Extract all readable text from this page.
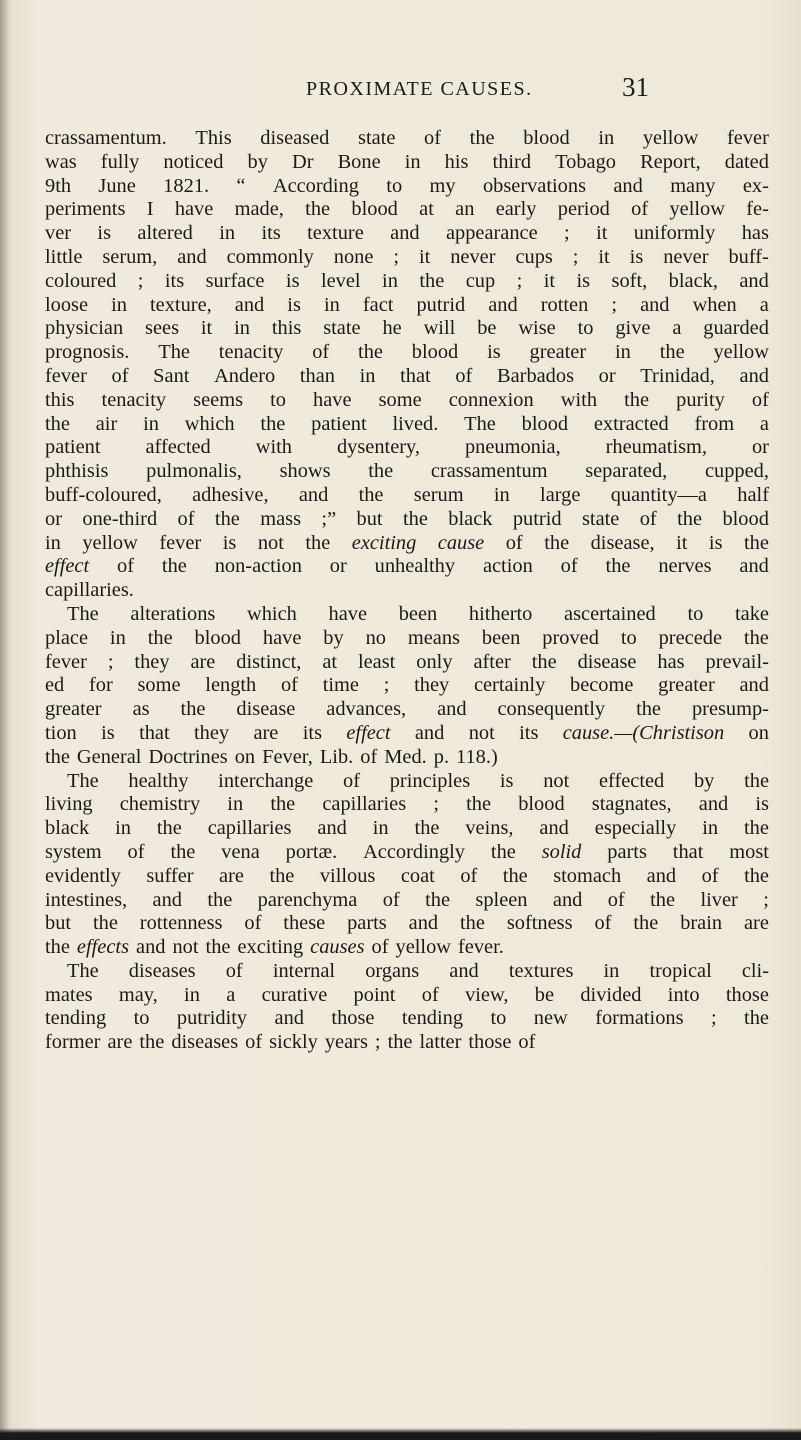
PROXIMATE CAUSES.	31
crassamentum. This diseased state of the blood in yellow fever
was fully noticed by Dr Bone in his third Tobago Report, dated
9th June 1821. “ According to my observations and many ex-
periments I have made, the blood at an early period of yellow fe-
ver is altered in its texture and appearance ; it uniformly has
little serum, and commonly none ; it never cups ; it is never buff-
coloured ; its surface is level in the cup ; it is soft, black, and
loose in texture, and is in fact putrid and rotten ; and when a
physician sees it in this state he will be wise to give a guarded
prognosis. The tenacity of the blood is greater in the yellow
fever of Sant Andero than in that of Barbados or Trinidad, and
this tenacity seems to have some connexion with the purity of
the air in which the patient lived. The blood extracted from a
patient affected with dysentery, pneumonia, rheumatism, or
phthisis pulmonalis, shows the crassamentum separated, cupped,
buff-coloured, adhesive, and the serum in large quantity—a half
or one-third of the mass ;” but the black putrid state of the blood
in yellow fever is not the exciting cause of the disease, it is the
effect of the non-action or unhealthy action of the nerves and
capillaries.
The alterations which have been hitherto ascertained to take
place in the blood have by no means been proved to precede the
fever ; they are distinct, at least only after the disease has prevail-
ed for some length of time ; they certainly become greater and
greater as the disease advances, and consequently the presump-
tion is that they are its effect and not its cause.—(Christison on
the General Doctrines on Fever, Lib. of Med. p. 118.)
The healthy interchange of principles is not effected by the
living chemistry in the capillaries ; the blood stagnates, and is
black in the capillaries and in the veins, and especially in the
system of the vena portæ. Accordingly the solid parts that most
evidently suffer are the villous coat of the stomach and of the
intestines, and the parenchyma of the spleen and of the liver ;
but the rottenness of these parts and the softness of the brain are
the effects and not the exciting causes of yellow fever.
The diseases of internal organs and textures in tropical cli-
mates may, in a curative point of view, be divided into those
tending to putridity and those tending to new formations ; the
former are the diseases of sickly years ; the latter those of
